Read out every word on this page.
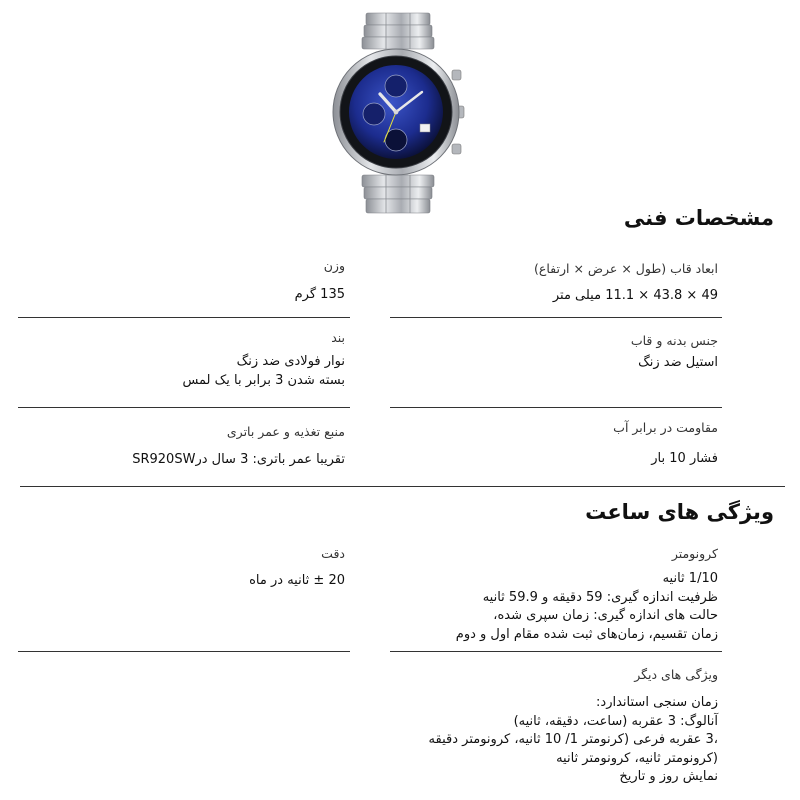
مشخصات فنی
ابعاد قاب (طول × عرض × ارتفاع)
49 × 43.8 × 11.1 میلی متر
وزن
135 گرم
جنس بدنه و قاب
استیل ضد زنگ
بند
نوار فولادی ضد زنگ
بسته شدن 3 برابر با یک لمس
مقاومت در برابر آب
فشار 10 بار
منبع تغذیه و عمر باتری
تقریبا عمر باتری: 3 سال درSR920SW
ویژگی های ساعت
کرونومتر
1/10 ثانیه
ظرفیت اندازه گیری: 59 دقیقه و 59.9 ثانیه
حالت های اندازه گیری: زمان سپری شده،
زمان تقسیم، زمان‌های ثبت شده مقام اول و دوم
دقت
20 ± ثانیه در ماه
ویژگی های دیگر
زمان سنجی استاندارد:
آنالوگ: 3 عقربه (ساعت، دقیقه، ثانیه)
،3 عقربه فرعی (کرنومتر 1/ 10 ثانیه، کرونومتر دقیقه
(کرونومتر ثانیه، کرونومتر ثانیه
نمایش روز و تاریخ
